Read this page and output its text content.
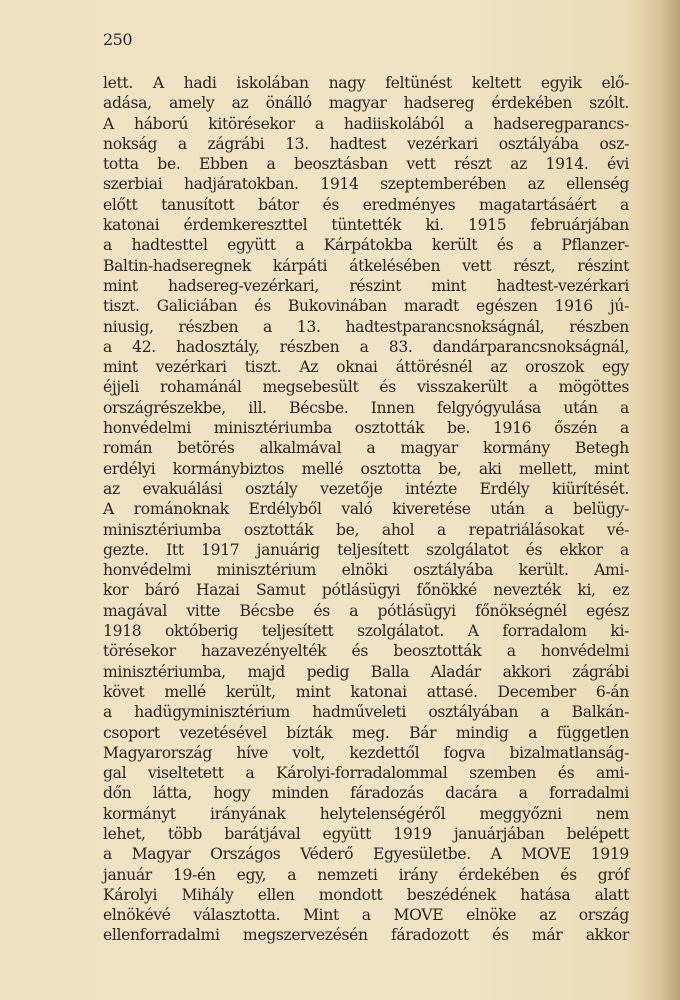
250
lett. A hadi iskolában nagy feltünést keltett egyik elő-
adása, amely az önálló magyar hadsereg érdekében szólt.
A háború kitörésekor a hadiiskolából a hadseregparancs-
nokság a zágrábi 13. hadtest vezérkari osztályába osz-
totta be. Ebben a beosztásban vett részt az 1914. évi
szerbiai hadjáratokban. 1914 szeptemberében az ellenség
előtt tanusított bátor és eredményes magatartásáért a
katonai érdemkereszttel tüntették ki. 1915 februárjában
a hadtesttel együtt a Kárpátokba került és a Pflanzer-
Baltin-hadseregnek kárpáti átkelésében vett részt, részint
mint hadsereg-vezérkari, részint mint hadtest-vezérkari
tiszt. Galiciában és Bukovinában maradt egészen 1916 jú-
niusig, részben a 13. hadtestparancsnokságnál, részben
a 42. hadosztály, részben a 83. dandárparancsnokságnál,
mint vezérkari tiszt. Az oknai áttörésnél az oroszok egy
éjjeli rohamánál megsebesült és visszakerült a mögöttes
országrészekbe, ill. Bécsbe. Innen felgyógyulása után a
honvédelmi minisztériumba osztották be. 1916 őszén a
román betörés alkalmával a magyar kormány Betegh
erdélyi kormánybiztos mellé osztotta be, aki mellett, mint
az evakuálási osztály vezetője intézte Erdély kiürítését.
A románoknak Erdélyből való kiveretése után a belügy-
minisztériumba osztották be, ahol a repatriálásokat vé-
gezte. Itt 1917 januárig teljesített szolgálatot és ekkor a
honvédelmi minisztérium elnöki osztályába került. Ami-
kor báró Hazai Samut pótlásügyi főnökké nevezték ki, ez
magával vitte Bécsbe és a pótlásügyi főnökségnél egész
1918 októberig teljesített szolgálatot. A forradalom ki-
törésekor hazavezényelték és beosztották a honvédelmi
minisztériumba, majd pedig Balla Aladár akkori zágrábi
követ mellé került, mint katonai attasé. December 6-án
a hadügyminisztérium hadműveleti osztályában a Balkán-
csoport vezetésével bízták meg. Bár mindig a független
Magyarország híve volt, kezdettől fogva bizalmatlanság-
gal viseltetett a Károlyi-forradalommal szemben és ami-
dőn látta, hogy minden fáradozás dacára a forradalmi
kormányt irányának helytelenségéről meggyőzni nem
lehet, több barátjával együtt 1919 januárjában belépett
a Magyar Országos Véderő Egyesületbe. A MOVE 1919
január 19-én egy, a nemzeti irány érdekében és gróf
Károlyi Mihály ellen mondott beszédének hatása alatt
elnökévé választotta. Mint a MOVE elnöke az ország
ellenforradalmi megszervezésén fáradozott és már akkor
